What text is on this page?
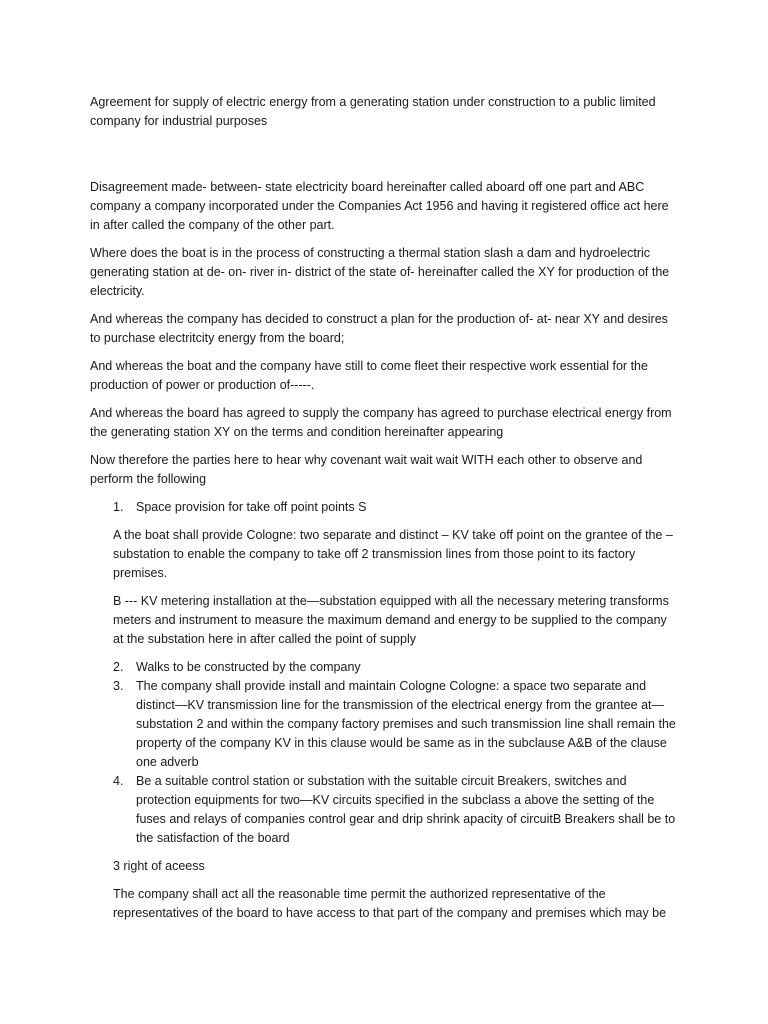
Agreement for supply of electric energy from a generating station under construction to a public limited company for industrial purposes

Disagreement made- between- state electricity board hereinafter called aboard off one part and ABC company a company incorporated under the Companies Act 1956 and having it registered office act here in after called the company of the other part.

Where does the boat is in the process of constructing a thermal station slash a dam and hydroelectric generating station at de- on- river in- district of the state of- hereinafter called the XY for production of the electricity.

And whereas the company has decided to construct a plan for the production of- at- near XY and desires to purchase electritcity energy from the board;

And whereas the boat and the company have still to come fleet their respective work essential for the production of power or production of-----.

And whereas the board has agreed to supply the company has agreed to purchase electrical energy from the generating station XY on the terms and condition hereinafter appearing

Now therefore the parties here to hear why covenant wait wait wait WITH each other to observe and perform the following

1. Space provision for take off point points S

A the boat shall provide Cologne: two separate and distinct – KV take off point on the grantee of the – substation to enable the company to take off 2 transmission lines from those point to its factory premises.

B --- KV metering installation at the—substation equipped with all the necessary metering transforms meters and instrument to measure the maximum demand and energy to be supplied to the company at the substation here in after called the point of supply

2. Walks to be constructed by the company
3. The company shall provide install and maintain Cologne Cologne: a space two separate and distinct—KV transmission line for the transmission of the electrical energy from the grantee at—substation 2 and within the company factory premises and such transmission line shall remain the property of the company KV in this clause would be same as in the subclause A&B of the clause one adverb
4. Be a suitable control station or substation with the suitable circuit Breakers, switches and protection equipments for two—KV circuits specified in the subclass a above the setting of the fuses and relays of companies control gear and drip shrink apacity of circuitB Breakers shall be to the satisfaction of the board

3 right of aceess

The company shall act all the reasonable time permit the authorized representative of the representatives of the board to have access to that part of the company and premises which may be
